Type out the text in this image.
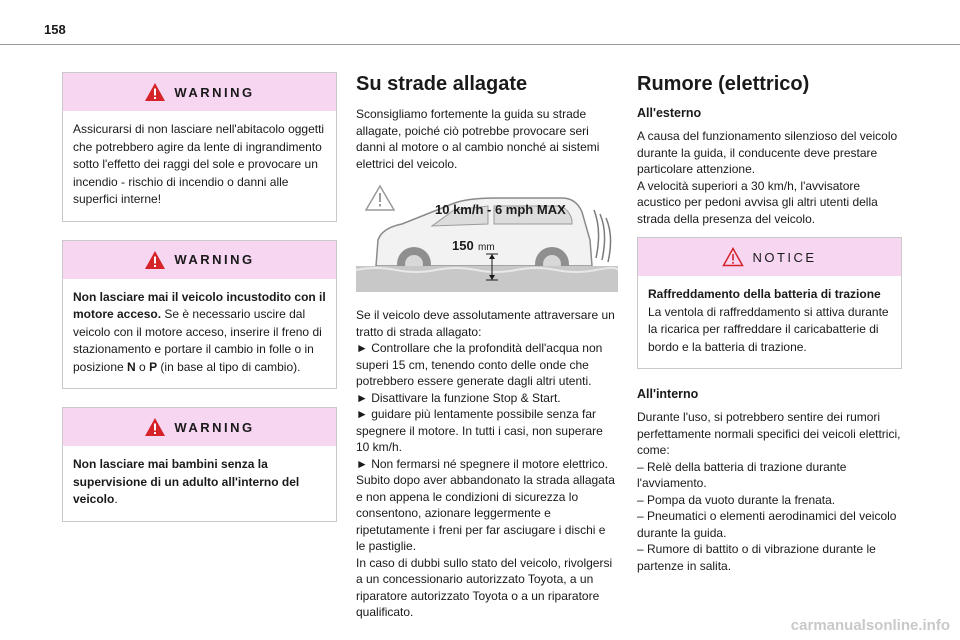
158
WARNING
Assicurarsi di non lasciare nell'abitacolo oggetti che potrebbero agire da lente di ingrandimento sotto l'effetto dei raggi del sole e provocare un incendio - rischio di incendio o danni alle superfici interne!
WARNING
Non lasciare mai il veicolo incustodito con il motore acceso. Se è necessario uscire dal veicolo con il motore acceso, inserire il freno di stazionamento e portare il cambio in folle o in posizione N o P (in base al tipo di cambio).
WARNING
Non lasciare mai bambini senza la supervisione di un adulto all'interno del veicolo.
Su strade allagate

Sconsigliamo fortemente la guida su strade allagate, poiché ciò potrebbe provocare seri danni al motore o al cambio nonché ai sistemi elettrici del veicolo.

10 km/h - 6 mph MAX
150 mm

Se il veicolo deve assolutamente attraversare un tratto di strada allagato:

► Controllare che la profondità dell'acqua non superi 15 cm, tenendo conto delle onde che potrebbero essere generate dagli altri utenti.

► Disattivare la funzione Stop & Start.

► guidare più lentamente possibile senza far spegnere il motore. In tutti i casi, non superare 10 km/h.

► Non fermarsi né spegnere il motore elettrico.

Subito dopo aver abbandonato la strada allagata e non appena le condizioni di sicurezza lo consentono, azionare leggermente e ripetutamente i freni per far asciugare i dischi e le pastiglie.

In caso di dubbi sullo stato del veicolo, rivolgersi a un concessionario autorizzato Toyota, a un riparatore autorizzato Toyota o a un riparatore qualificato.

Rumore (elettrico)
All'esterno

A causa del funzionamento silenzioso del veicolo durante la guida, il conducente deve prestare particolare attenzione.

A velocità superiori a 30 km/h, l'avvisatore acustico per pedoni avvisa gli altri utenti della strada della presenza del veicolo.

NOTICE
Raffreddamento della batteria di trazione
La ventola di raffreddamento si attiva durante la ricarica per raffreddare il caricabatterie di bordo e la batteria di trazione.
All'interno

Durante l'uso, si potrebbero sentire dei rumori perfettamente normali specifici dei veicoli elettrici, come:

– Relè della batteria di trazione durante l'avviamento.

– Pompa da vuoto durante la frenata.

– Pneumatici o elementi aerodinamici del veicolo durante la guida.

– Rumore di battito o di vibrazione durante le partenze in salita.

carmanualsonline.info
